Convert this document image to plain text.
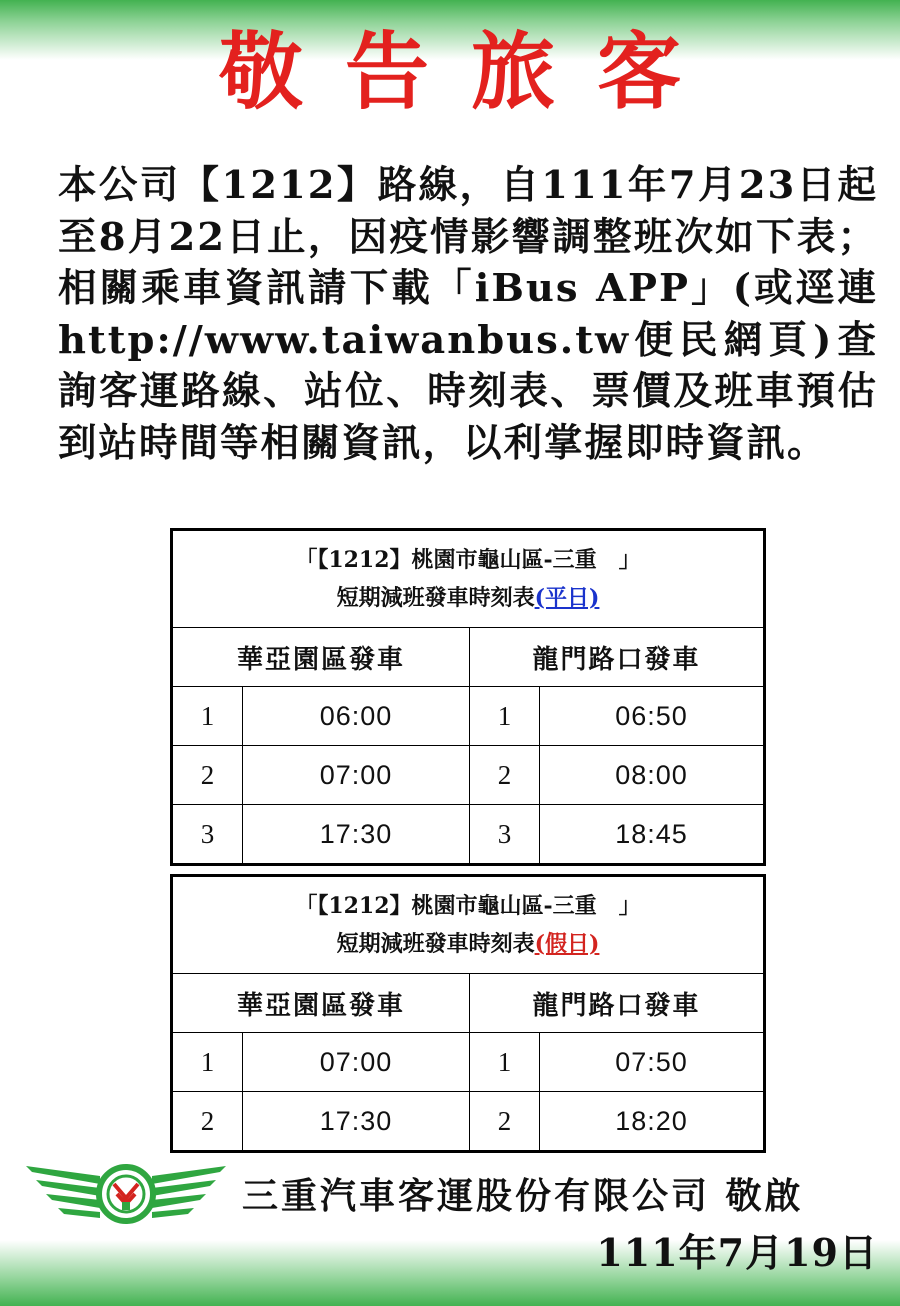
敬告旅客
本公司【1212】路線，自111年7月23日起至8月22日止，因疫情影響調整班次如下表；相關乘車資訊請下載「iBus APP」(或逕連http://www.taiwanbus.tw便民網頁)查詢客運路線、站位、時刻表、票價及班車預估到站時間等相關資訊，以利掌握即時資訊。
「【1212】桃園市龜山區-三重　」
短期減班發車時刻表(平日)			

華亞園區發車		龍門路口發車	
1	06:00	1	06:50
2	07:00	2	08:00
3	17:30	3	18:45
「【1212】桃園市龜山區-三重　」
短期減班發車時刻表(假日)			

華亞園區發車		龍門路口發車	
1	07:00	1	07:50
2	17:30	2	18:20
三重汽車客運股份有限公司 敬啟
111年7月19日
